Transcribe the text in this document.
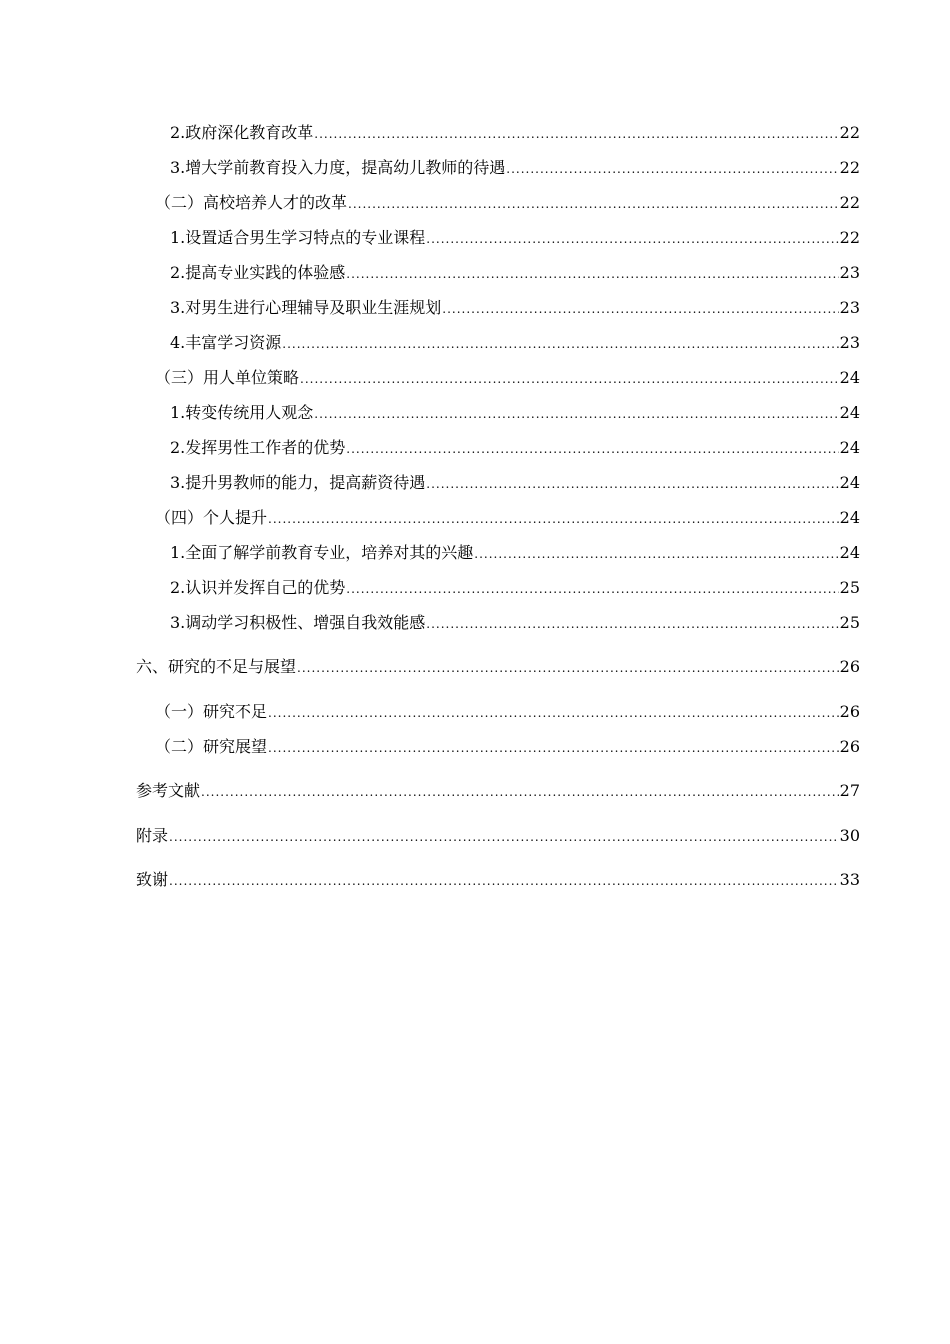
2.政府深化教育改革 .....	22
3.增大学前教育投入力度，提高幼儿教师的待遇 .....	22
（二）高校培养人才的改革 .....	22
1.设置适合男生学习特点的专业课程 .....	22
2.提高专业实践的体验感 .....	23
3.对男生进行心理辅导及职业生涯规划 .....	23
4.丰富学习资源 .....	23
（三）用人单位策略 .....	24
1.转变传统用人观念 .....	24
2.发挥男性工作者的优势 .....	24
3.提升男教师的能力，提高薪资待遇 .....	24
（四）个人提升 .....	24
1.全面了解学前教育专业，培养对其的兴趣 .....	24
2.认识并发挥自己的优势 .....	25
3.调动学习积极性、增强自我效能感 .....	25
六、研究的不足与展望 .....	26
（一）研究不足 .....	26
（二）研究展望 .....	26
参考文献 .....	27
附录 .....	30
致谢 .....	33
